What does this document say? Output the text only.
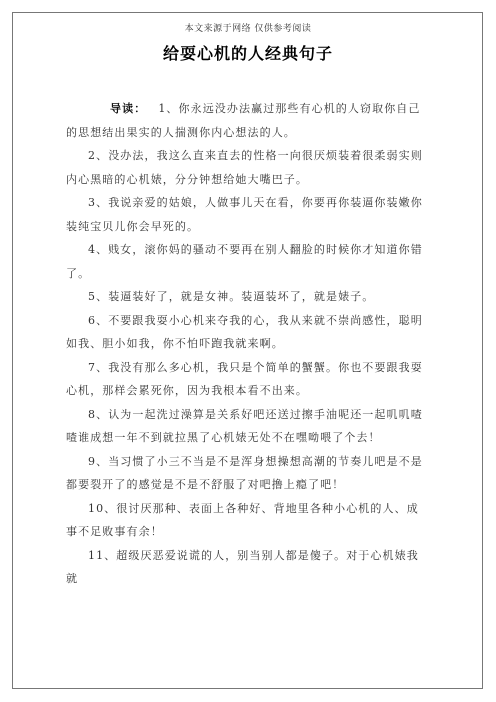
本文来源于网络 仅供参考阅读
给耍心机的人经典句子

导读： 1、你永远没办法赢过那些有心机的人窃取你自己的思想结出果实的人揣测你内心想法的人。

2、没办法，我这么直来直去的性格一向很厌烦装着很柔弱实则内心黑暗的心机婊，分分钟想给她大嘴巴子。

3、我说亲爱的姑娘，人做事儿天在看，你要再你装逼你装嫩你装纯宝贝儿你会早死的。

4、贱女，滚你妈的骚动不要再在别人翻脸的时候你才知道你错了。

5、装逼装好了，就是女神。装逼装坏了，就是婊子。

6、不要跟我耍小心机来夺我的心，我从来就不崇尚感性，聪明如我、胆小如我，你不怕吓跑我就来啊。

7、我没有那么多心机，我只是个简单的蟹蟹。你也不要跟我耍心机，那样会累死你，因为我根本看不出来。

8、认为一起洗过澡算是关系好吧还送过擦手油呢还一起叽叽喳喳谁成想一年不到就拉黑了心机婊无处不在嘿呦喂了个去！

9、当习惯了小三不当是不是浑身想操想高潮的节奏儿吧是不是都要裂开了的感觉是不是不舒服了对吧撸上瘾了吧！

10、很讨厌那种、表面上各种好、背地里各种小心机的人、成事不足败事有余！

11、超级厌恶爱说谎的人，别当别人都是傻子。对于心机婊我就
